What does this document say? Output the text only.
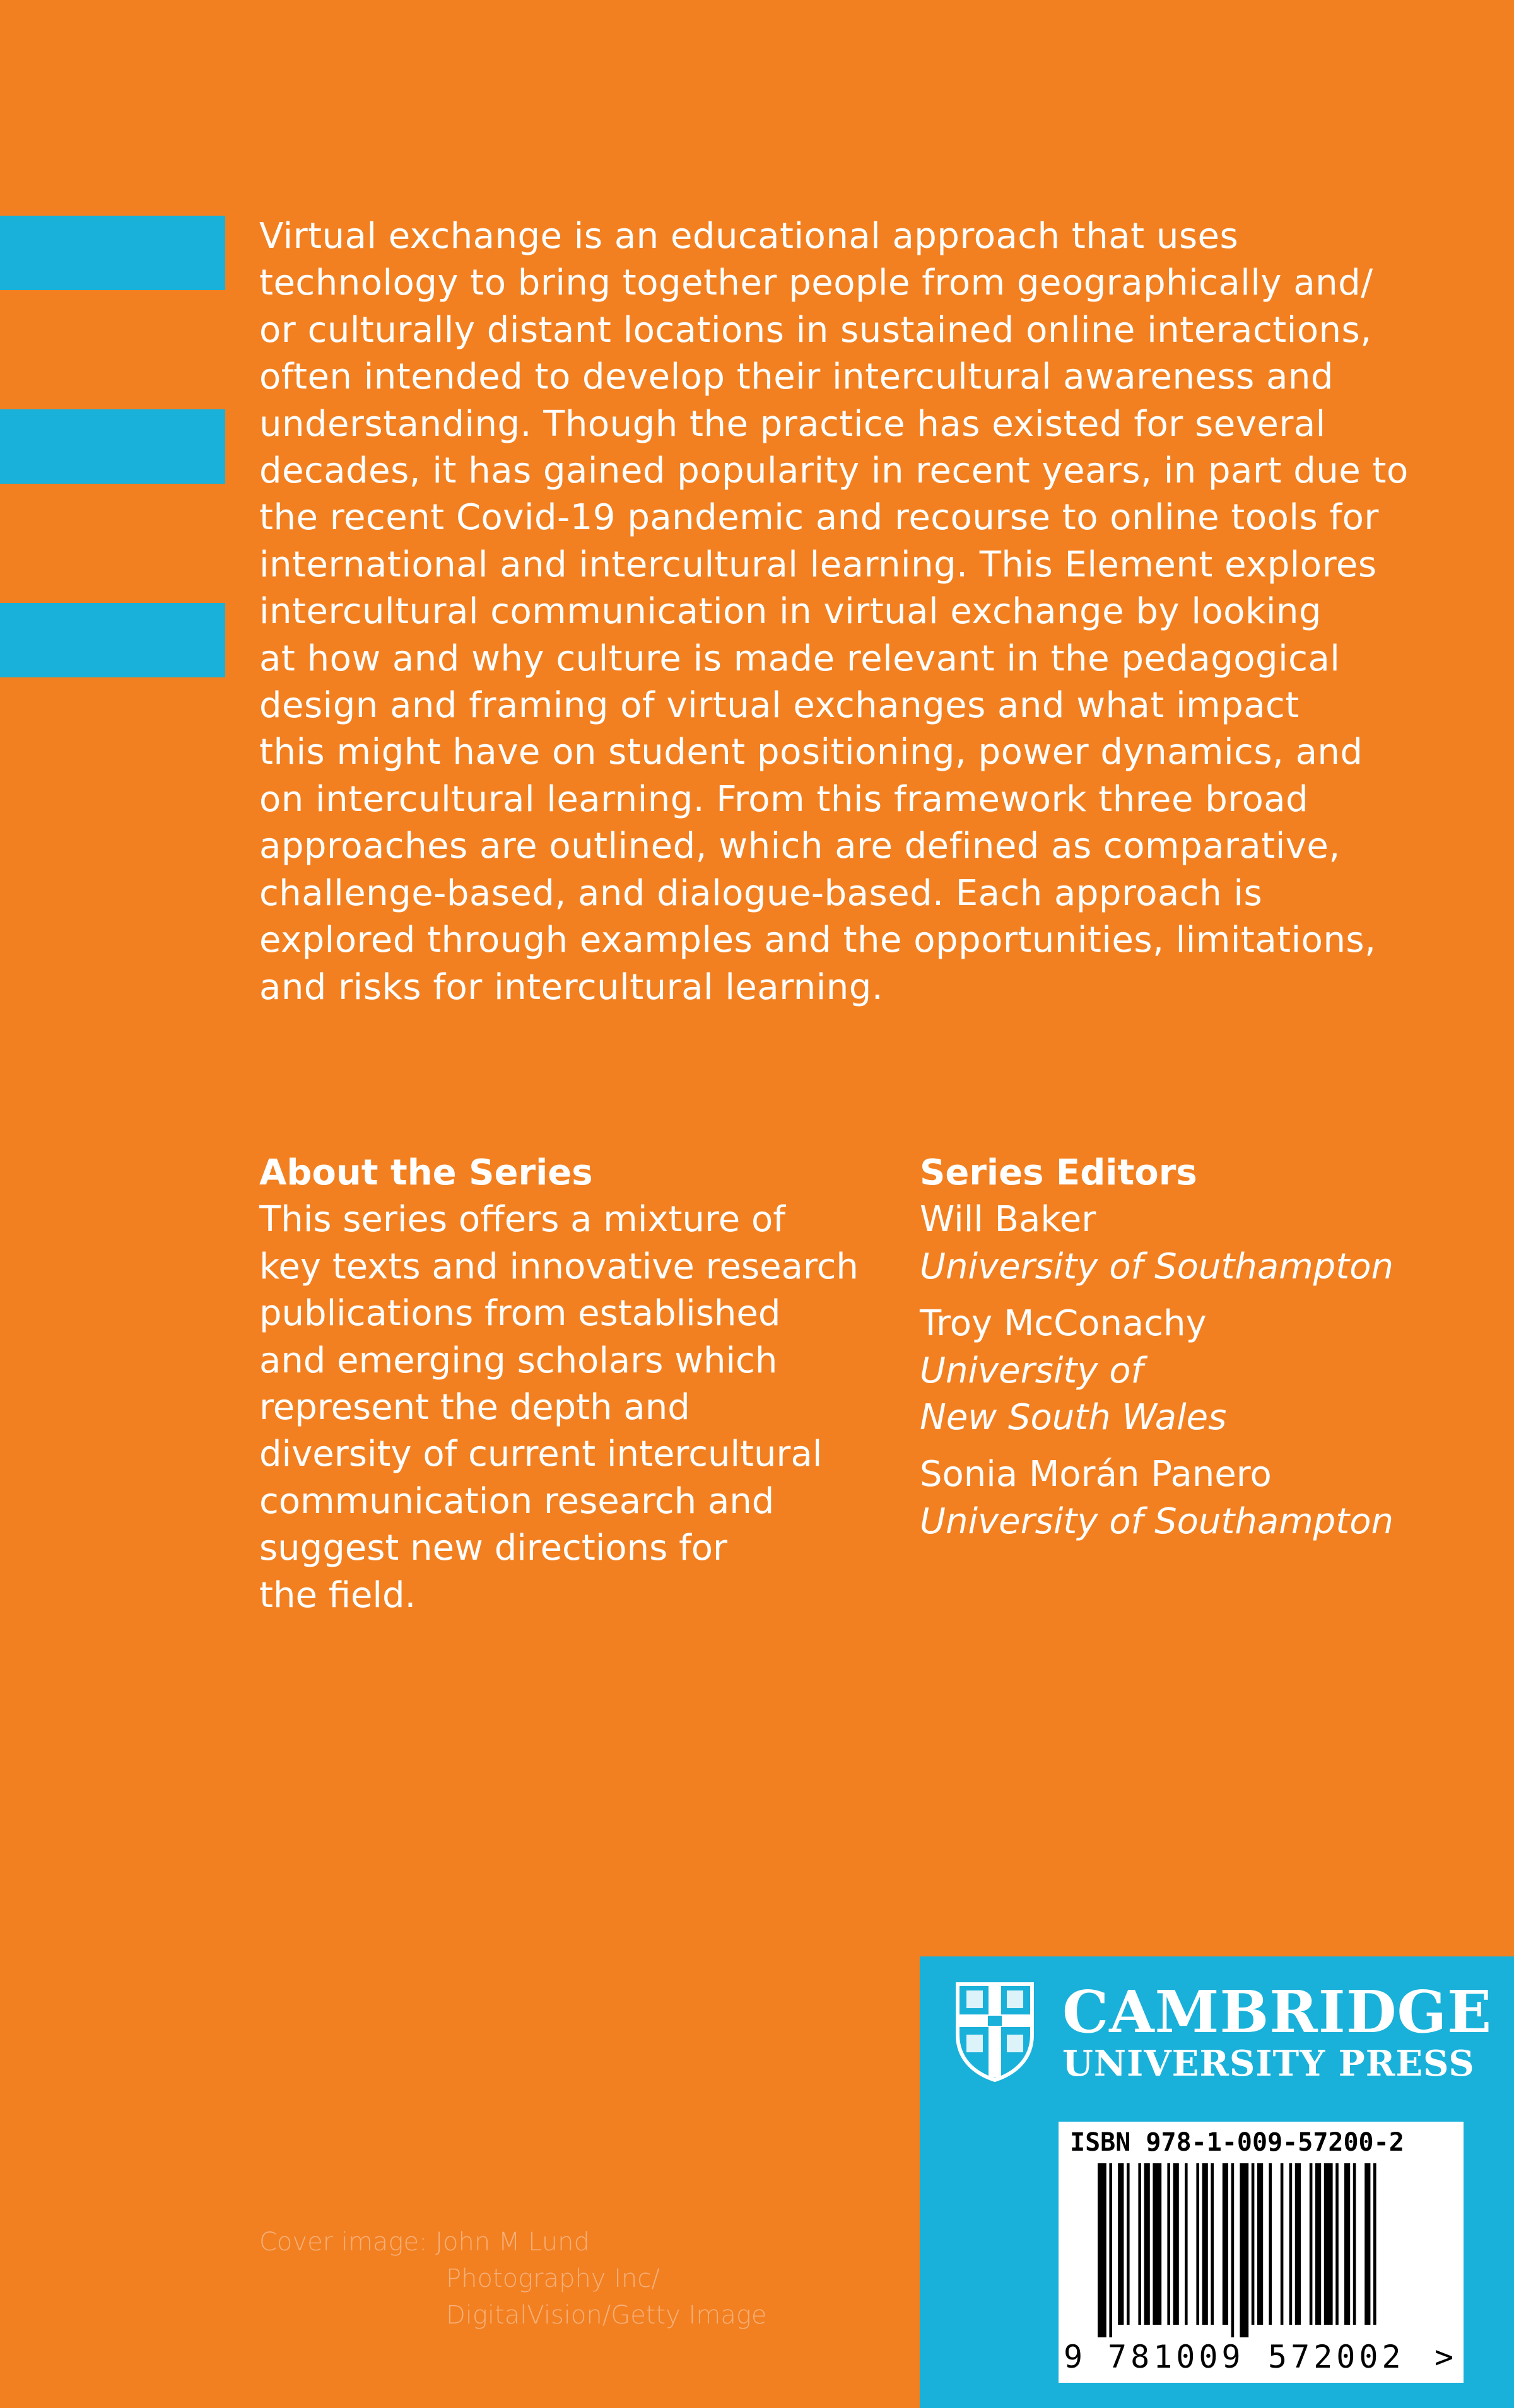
Virtual exchange is an educational approach that uses
technology to bring together people from geographically and/
or culturally distant locations in sustained online interactions,
often intended to develop their intercultural awareness and
understanding. Though the practice has existed for several
decades, it has gained popularity in recent years, in part due to
the recent Covid-19 pandemic and recourse to online tools for
international and intercultural learning. This Element explores
intercultural communication in virtual exchange by looking
at how and why culture is made relevant in the pedagogical
design and framing of virtual exchanges and what impact
this might have on student positioning, power dynamics, and
on intercultural learning. From this framework three broad
approaches are outlined, which are defined as comparative,
challenge-based, and dialogue-based. Each approach is
explored through examples and the opportunities, limitations,
and risks for intercultural learning.
About the Series
This series offers a mixture of
key texts and innovative research
publications from established
and emerging scholars which
represent the depth and
diversity of current intercultural
communication research and
suggest new directions for
the field.
Series Editors
Will Baker
University of Southampton
Troy McConachy
University of
New South Wales
Sonia Morán Panero
University of Southampton
Cover image: John M Lund
Photography Inc/
DigitalVision/Getty Image
CAMBRIDGE
UNIVERSITY PRESS
ISBN 978-1-009-57200-2
9 781009 572002 >
